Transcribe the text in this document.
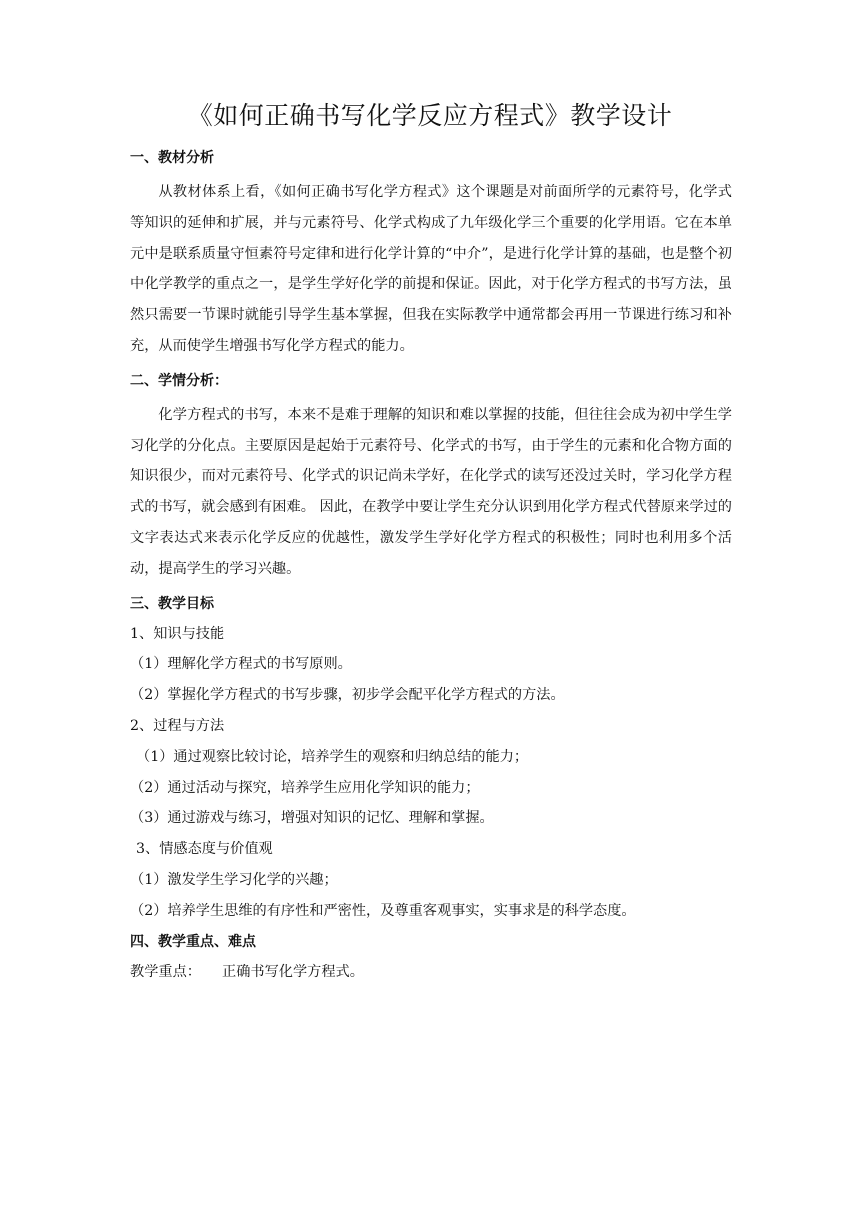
《如何正确书写化学反应方程式》教学设计

一、教材分析

从教材体系上看，《如何正确书写化学方程式》这个课题是对前面所学的元素符号，化学式等知识的延伸和扩展，并与元素符号、化学式构成了九年级化学三个重要的化学用语。它在本单元中是联系质量守恒素符号定律和进行化学计算的“中介”，是进行化学计算的基础，也是整个初中化学教学的重点之一，是学生学好化学的前提和保证。因此，对于化学方程式的书写方法，虽然只需要一节课时就能引导学生基本掌握，但我在实际教学中通常都会再用一节课进行练习和补充，从而使学生增强书写化学方程式的能力。

二、学情分析：

化学方程式的书写，本来不是难于理解的知识和难以掌握的技能，但往往会成为初中学生学习化学的分化点。主要原因是起始于元素符号、化学式的书写，由于学生的元素和化合物方面的知识很少，而对元素符号、化学式的识记尚未学好，在化学式的读写还没过关时，学习化学方程式的书写，就会感到有困难。 因此，在教学中要让学生充分认识到用化学方程式代替原来学过的文字表达式来表示化学反应的优越性，激发学生学好化学方程式的积极性；同时也利用多个活动，提高学生的学习兴趣。

三、教学目标

1、知识与技能

（1）理解化学方程式的书写原则。

（2）掌握化学方程式的书写步骤，初步学会配平化学方程式的方法。

2、过程与方法

（1）通过观察比较讨论，培养学生的观察和归纳总结的能力；

（2）通过活动与探究，培养学生应用化学知识的能力；

（3）通过游戏与练习，增强对知识的记忆、理解和掌握。

3、情感态度与价值观

（1）激发学生学习化学的兴趣；

（2）培养学生思维的有序性和严密性，及尊重客观事实，实事求是的科学态度。

四、教学重点、难点

教学重点： 正确书写化学方程式。
